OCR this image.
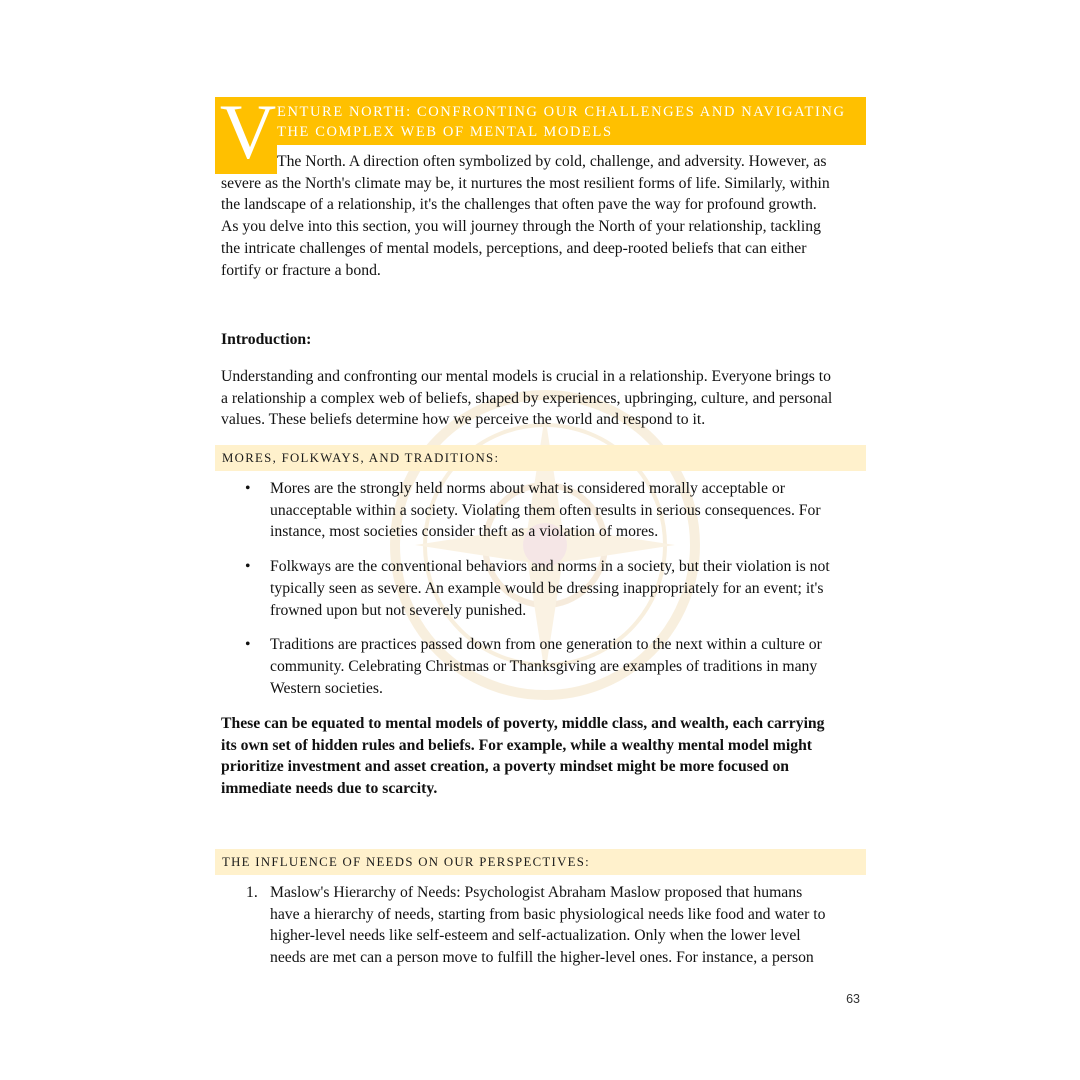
V ENTURE NORTH: CONFRONTING OUR CHALLENGES AND NAVIGATING
THE COMPLEX WEB OF MENTAL MODELS
The North. A direction often symbolized by cold, challenge, and adversity. However, as
severe as the North's climate may be, it nurtures the most resilient forms of life. Similarly, within
the landscape of a relationship, it's the challenges that often pave the way for profound growth.
As you delve into this section, you will journey through the North of your relationship, tackling
the intricate challenges of mental models, perceptions, and deep-rooted beliefs that can either
fortify or fracture a bond.
Introduction:
Understanding and confronting our mental models is crucial in a relationship. Everyone brings to
a relationship a complex web of beliefs, shaped by experiences, upbringing, culture, and personal
values. These beliefs determine how we perceive the world and respond to it.
MORES, FOLKWAYS, AND TRADITIONS:
• Mores are the strongly held norms about what is considered morally acceptable or
unacceptable within a society. Violating them often results in serious consequences. For
instance, most societies consider theft as a violation of mores.
• Folkways are the conventional behaviors and norms in a society, but their violation is not
typically seen as severe. An example would be dressing inappropriately for an event; it's
frowned upon but not severely punished.
• Traditions are practices passed down from one generation to the next within a culture or
community. Celebrating Christmas or Thanksgiving are examples of traditions in many
Western societies.
These can be equated to mental models of poverty, middle class, and wealth, each carrying
its own set of hidden rules and beliefs. For example, while a wealthy mental model might
prioritize investment and asset creation, a poverty mindset might be more focused on
immediate needs due to scarcity.
THE INFLUENCE OF NEEDS ON OUR PERSPECTIVES:
1. Maslow's Hierarchy of Needs: Psychologist Abraham Maslow proposed that humans
have a hierarchy of needs, starting from basic physiological needs like food and water to
higher-level needs like self-esteem and self-actualization. Only when the lower level
needs are met can a person move to fulfill the higher-level ones. For instance, a person
63
